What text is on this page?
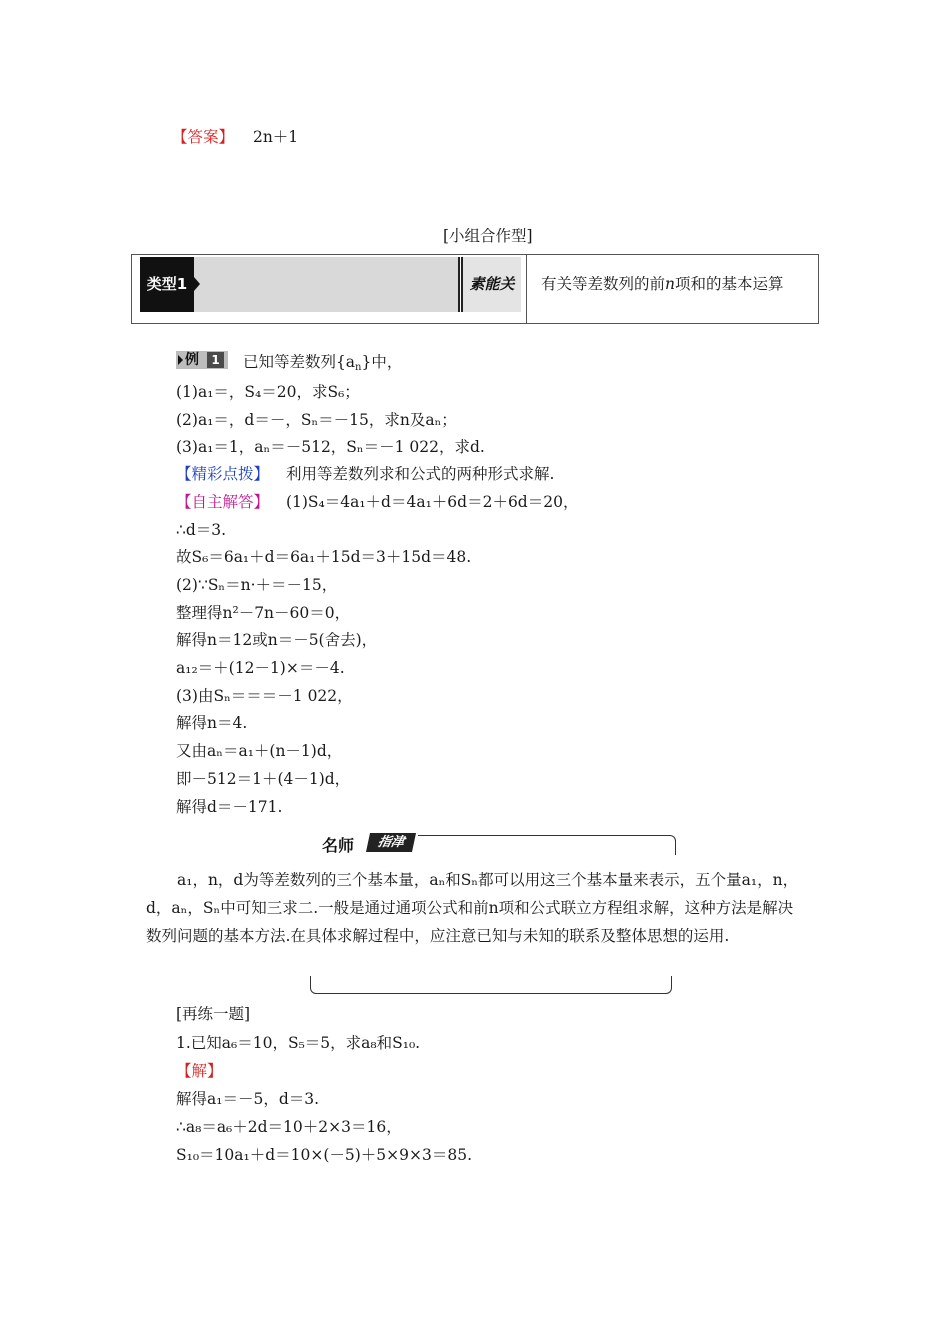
【答案】 2n＋1
[小组合作型]
类型1	素能关	有关等差数列的前n项和的基本运算
例	1 已知等差数列$\{a_n\}$中，
(1)a₁＝，S₄＝20，求S₆；
(2)a₁＝，d＝－，Sₙ＝－15，求n及aₙ；
(3)a₁＝1，aₙ＝－512，Sₙ＝－1 022，求d.
【精彩点拨】 利用等差数列求和公式的两种形式求解.
【自主解答】 (1)S₄＝4a₁＋d＝4a₁＋6d＝2＋6d＝20，
∴d＝3.
故S₆＝6a₁＋d＝6a₁＋15d＝3＋15d＝48.
(2)∵Sₙ＝n·＋＝－15，
整理得n²－7n－60＝0，
解得n＝12或n＝－5(舍去)，
a₁₂＝＋(12－1)×＝－4.
(3)由Sₙ＝＝＝－1 022，
解得n＝4.
又由aₙ＝a₁＋(n－1)d，
即－512＝1＋(4－1)d，
解得d＝－171.
名师	指津
a₁，n，d为等差数列的三个基本量，aₙ和Sₙ都可以用这三个基本量来表示，五个量a₁，n，d，aₙ，Sₙ中可知三求二.一般是通过通项公式和前n项和公式联立方程组求解，这种方法是解决数列问题的基本方法.在具体求解过程中，应注意已知与未知的联系及整体思想的运用.
[再练一题]
1.已知a₆＝10，S₅＝5，求a₈和S₁₀.
【解】
解得a₁＝－5，d＝3.
∴a₈＝a₆＋2d＝10＋2×3＝16，
S₁₀＝10a₁＋d＝10×(－5)＋5×9×3＝85.
